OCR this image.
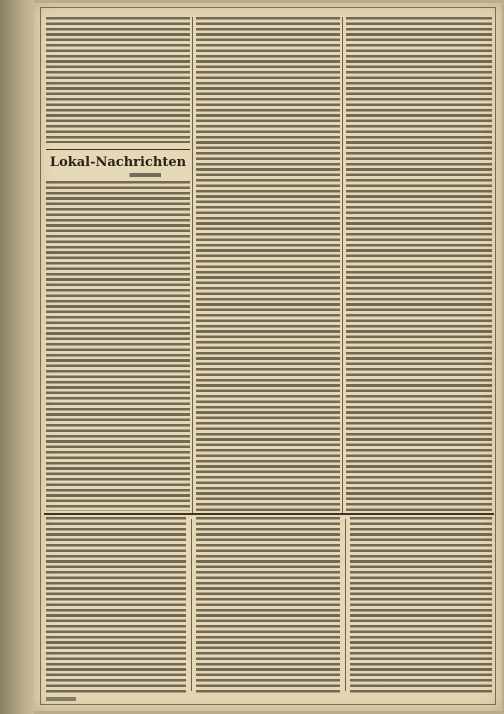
Lokal-Nachrichten
